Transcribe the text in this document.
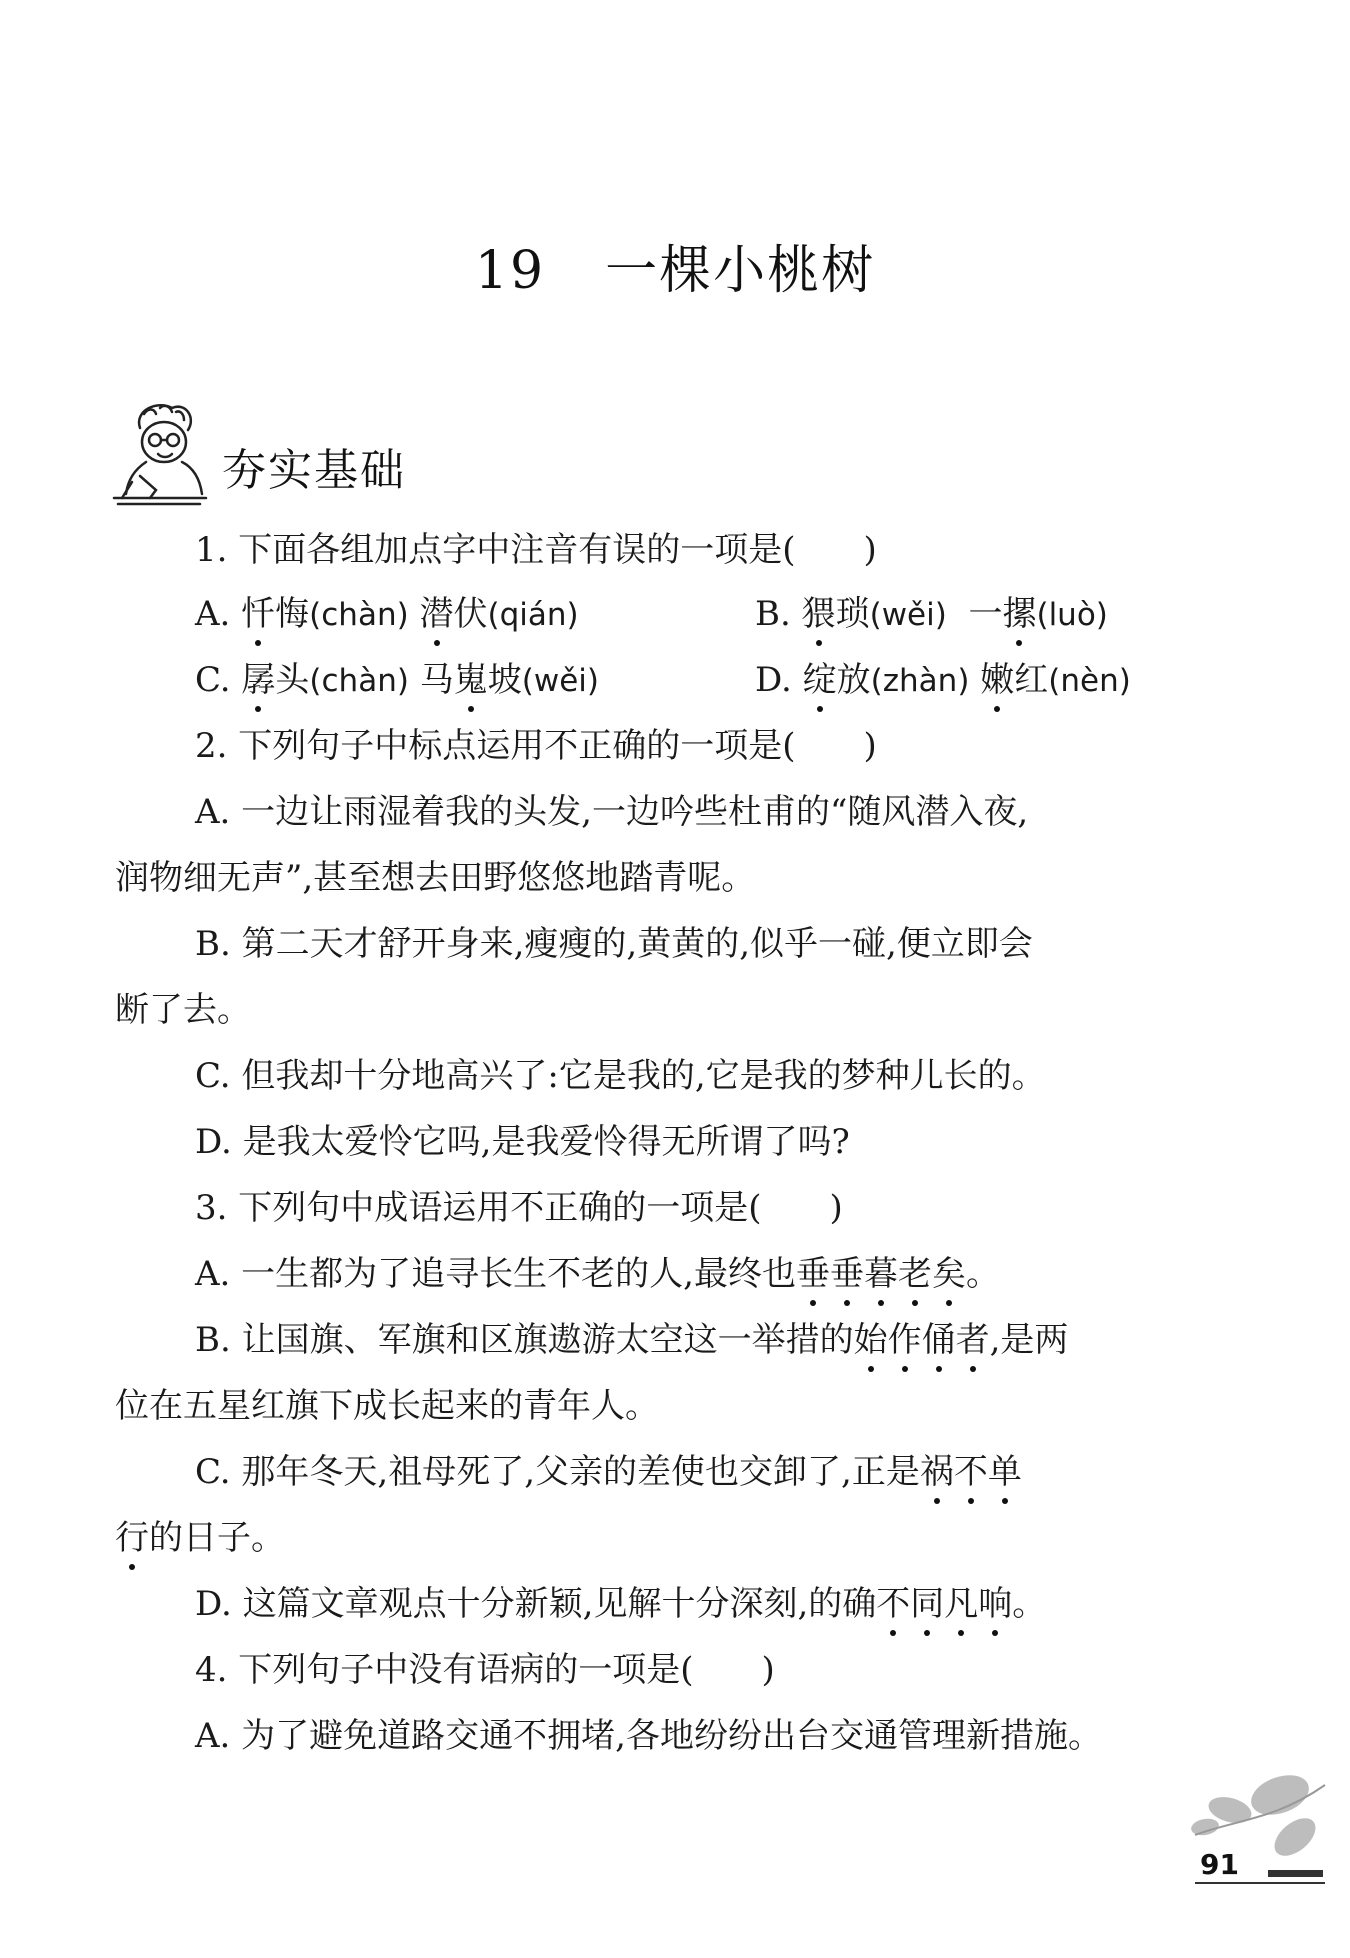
19 一棵小桃树
夯实基础
1. 下面各组加点字中注音有误的一项是(　　)
A. 忏悔(chàn) 潜伏(qián)	B. 猥琐(wěi) 一摞(luò)
C. 孱头(chàn) 马嵬坡(wěi)	D. 绽放(zhàn) 嫩红(nèn)
2. 下列句子中标点运用不正确的一项是(　　)
A. 一边让雨湿着我的头发,一边吟些杜甫的“随风潜入夜,
润物细无声”,甚至想去田野悠悠地踏青呢。
B. 第二天才舒开身来,瘦瘦的,黄黄的,似乎一碰,便立即会
断了去。
C. 但我却十分地高兴了:它是我的,它是我的梦种儿长的。
D. 是我太爱怜它吗,是我爱怜得无所谓了吗?
3. 下列句中成语运用不正确的一项是(　　)
A. 一生都为了追寻长生不老的人,最终也垂垂暮老矣。
B. 让国旗、军旗和区旗遨游太空这一举措的始作俑者,是两
位在五星红旗下成长起来的青年人。
C. 那年冬天,祖母死了,父亲的差使也交卸了,正是祸不单
行的日子。
D. 这篇文章观点十分新颖,见解十分深刻,的确不同凡响。
4. 下列句子中没有语病的一项是(　　)
A. 为了避免道路交通不拥堵,各地纷纷出台交通管理新措施。
91
